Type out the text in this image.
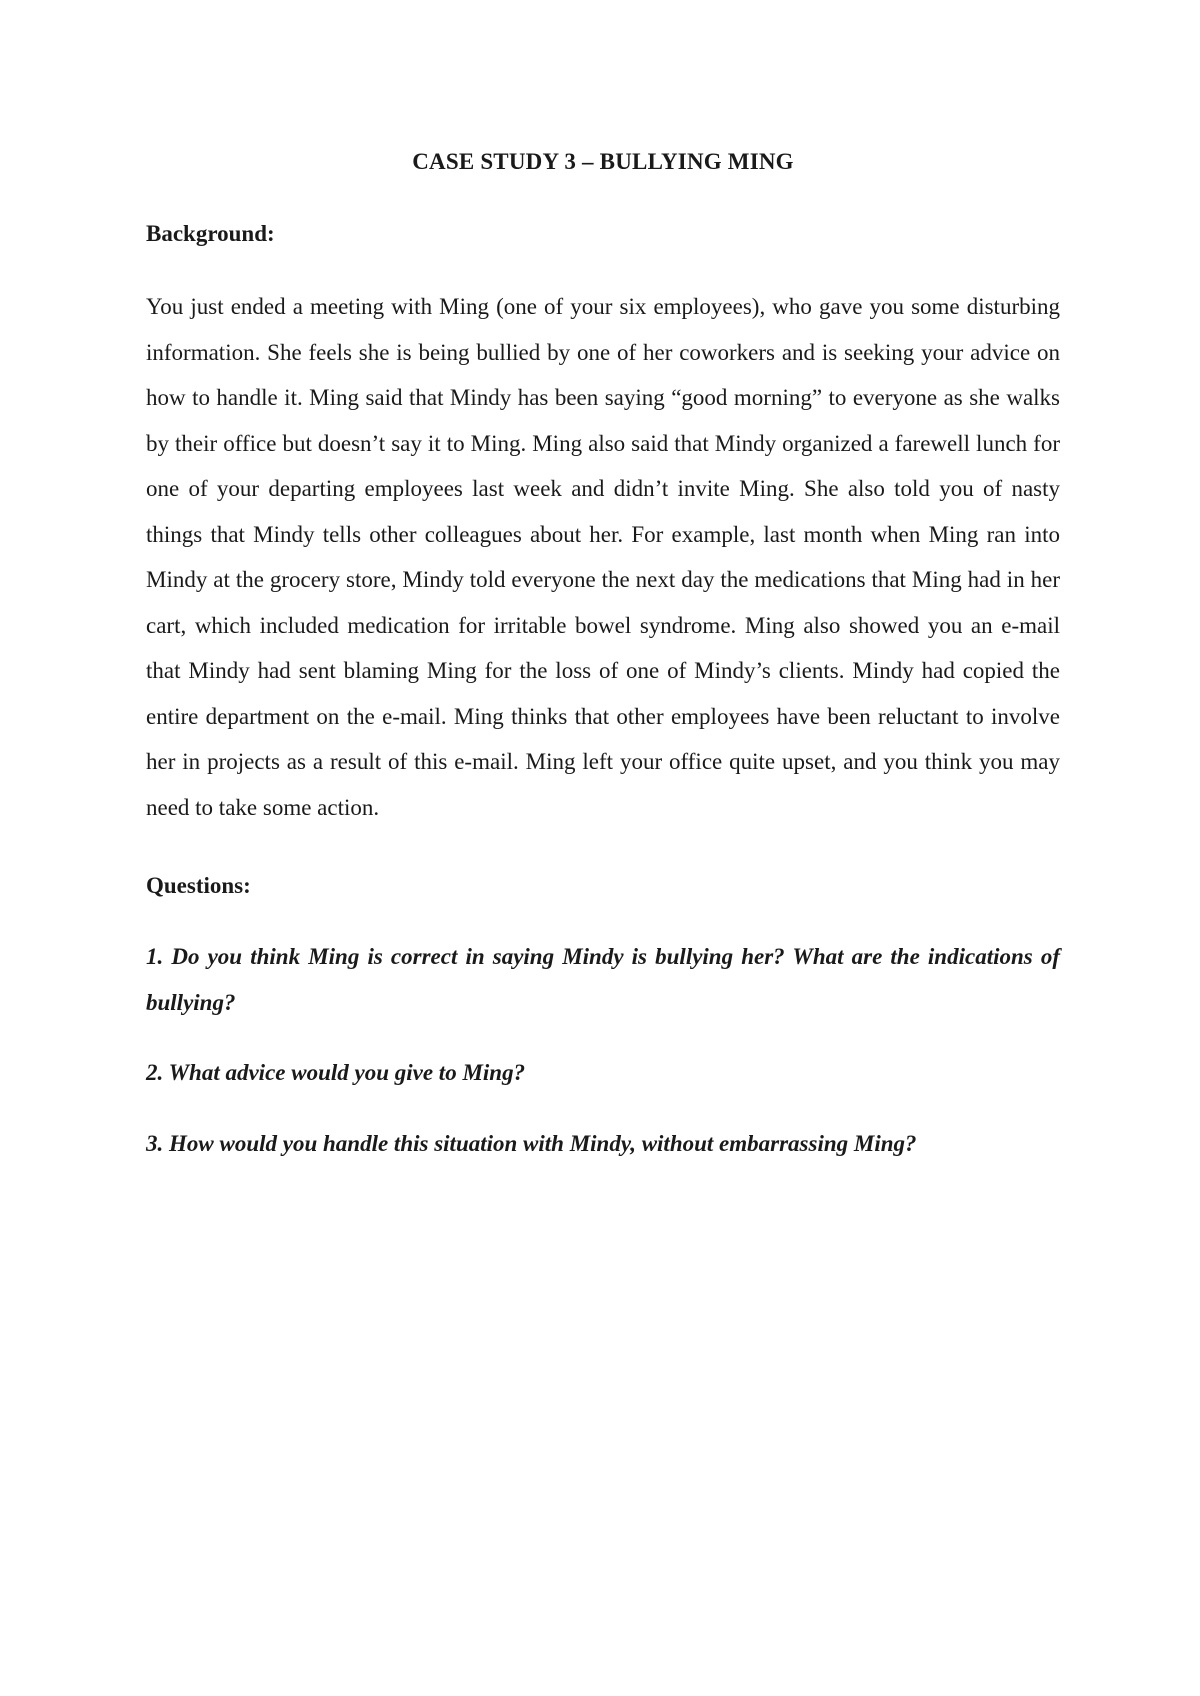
CASE STUDY 3 – BULLYING MING
Background:

You just ended a meeting with Ming (one of your six employees), who gave you some disturbing information. She feels she is being bullied by one of her coworkers and is seeking your advice on how to handle it. Ming said that Mindy has been saying “good morning” to everyone as she walks by their office but doesn’t say it to Ming. Ming also said that Mindy organized a farewell lunch for one of your departing employees last week and didn’t invite Ming. She also told you of nasty things that Mindy tells other colleagues about her. For example, last month when Ming ran into Mindy at the grocery store, Mindy told everyone the next day the medications that Ming had in her cart, which included medication for irritable bowel syndrome. Ming also showed you an e-mail that Mindy had sent blaming Ming for the loss of one of Mindy’s clients. Mindy had copied the entire department on the e-mail. Ming thinks that other employees have been reluctant to involve her in projects as a result of this e-mail. Ming left your office quite upset, and you think you may need to take some action.

Questions:

1. Do you think Ming is correct in saying Mindy is bullying her? What are the indications of bullying?

2. What advice would you give to Ming?

3. How would you handle this situation with Mindy, without embarrassing Ming?
